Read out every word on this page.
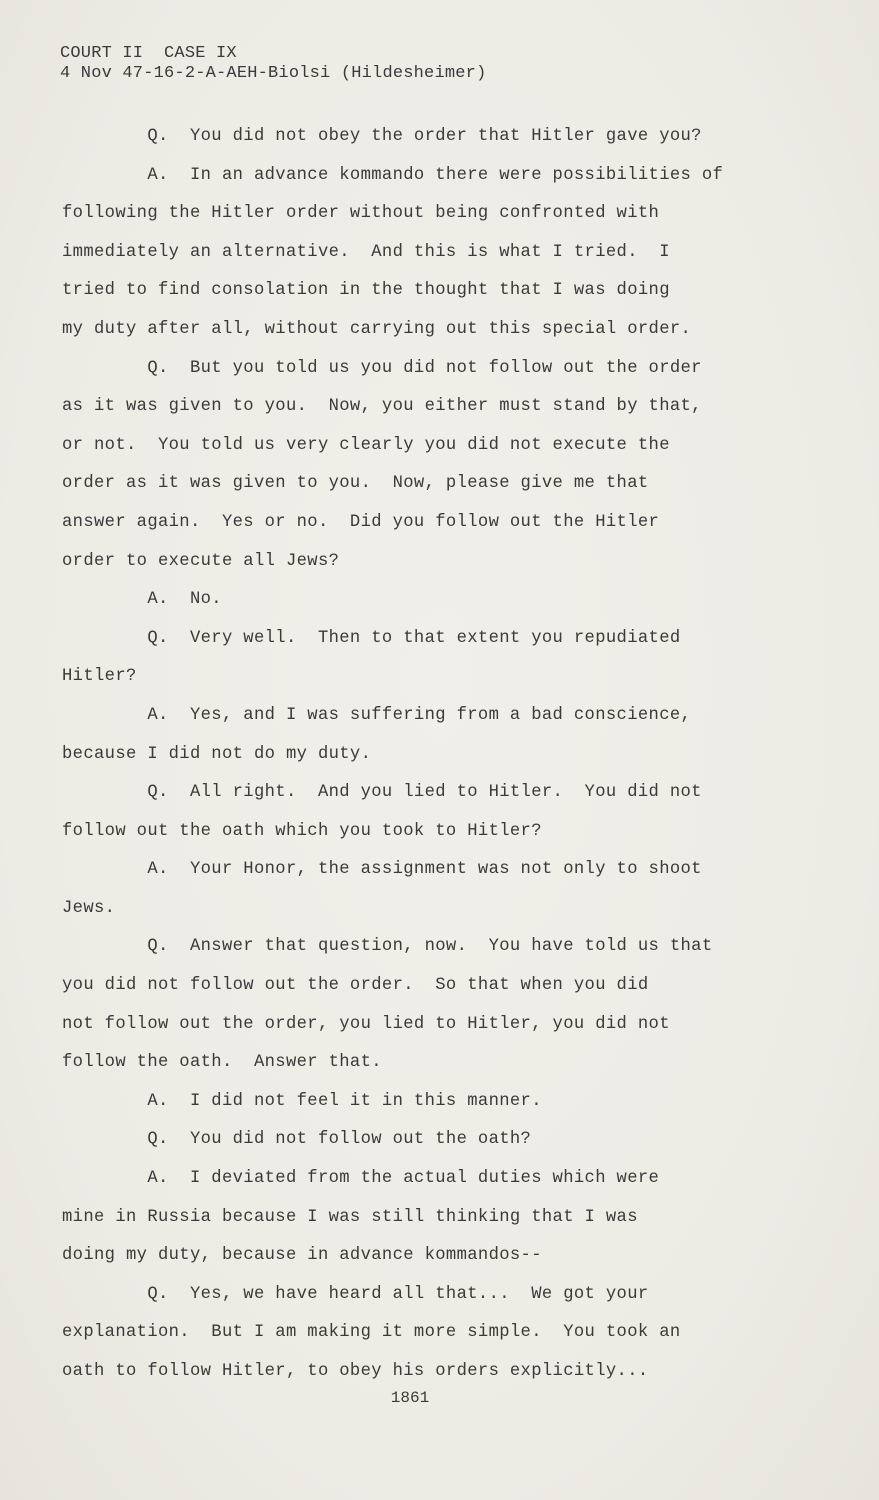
COURT II  CASE IX
4 Nov 47-16-2-A-AEH-Biolsi (Hildesheimer)
Q.  You did not obey the order that Hitler gave you?
A.  In an advance kommando there were possibilities of
following the Hitler order without being confronted with
immediately an alternative.  And this is what I tried.  I
tried to find consolation in the thought that I was doing
my duty after all, without carrying out this special order.
Q.  But you told us you did not follow out the order
as it was given to you.  Now, you either must stand by that,
or not.  You told us very clearly you did not execute the
order as it was given to you.  Now, please give me that
answer again.  Yes or no.  Did you follow out the Hitler
order to execute all Jews?
A.  No.
Q.  Very well.  Then to that extent you repudiated
Hitler?
A.  Yes, and I was suffering from a bad conscience,
because I did not do my duty.
Q.  All right.  And you lied to Hitler.  You did not
follow out the oath which you took to Hitler?
A.  Your Honor, the assignment was not only to shoot
Jews.
Q.  Answer that question, now.  You have told us that
you did not follow out the order.  So that when you did
not follow out the order, you lied to Hitler, you did not
follow the oath.  Answer that.
A.  I did not feel it in this manner.
Q.  You did not follow out the oath?
A.  I deviated from the actual duties which were
mine in Russia because I was still thinking that I was
doing my duty, because in advance kommandos--
Q.  Yes, we have heard all that...  We got your
explanation.  But I am making it more simple.  You took an
oath to follow Hitler, to obey his orders explicitly...
1861
